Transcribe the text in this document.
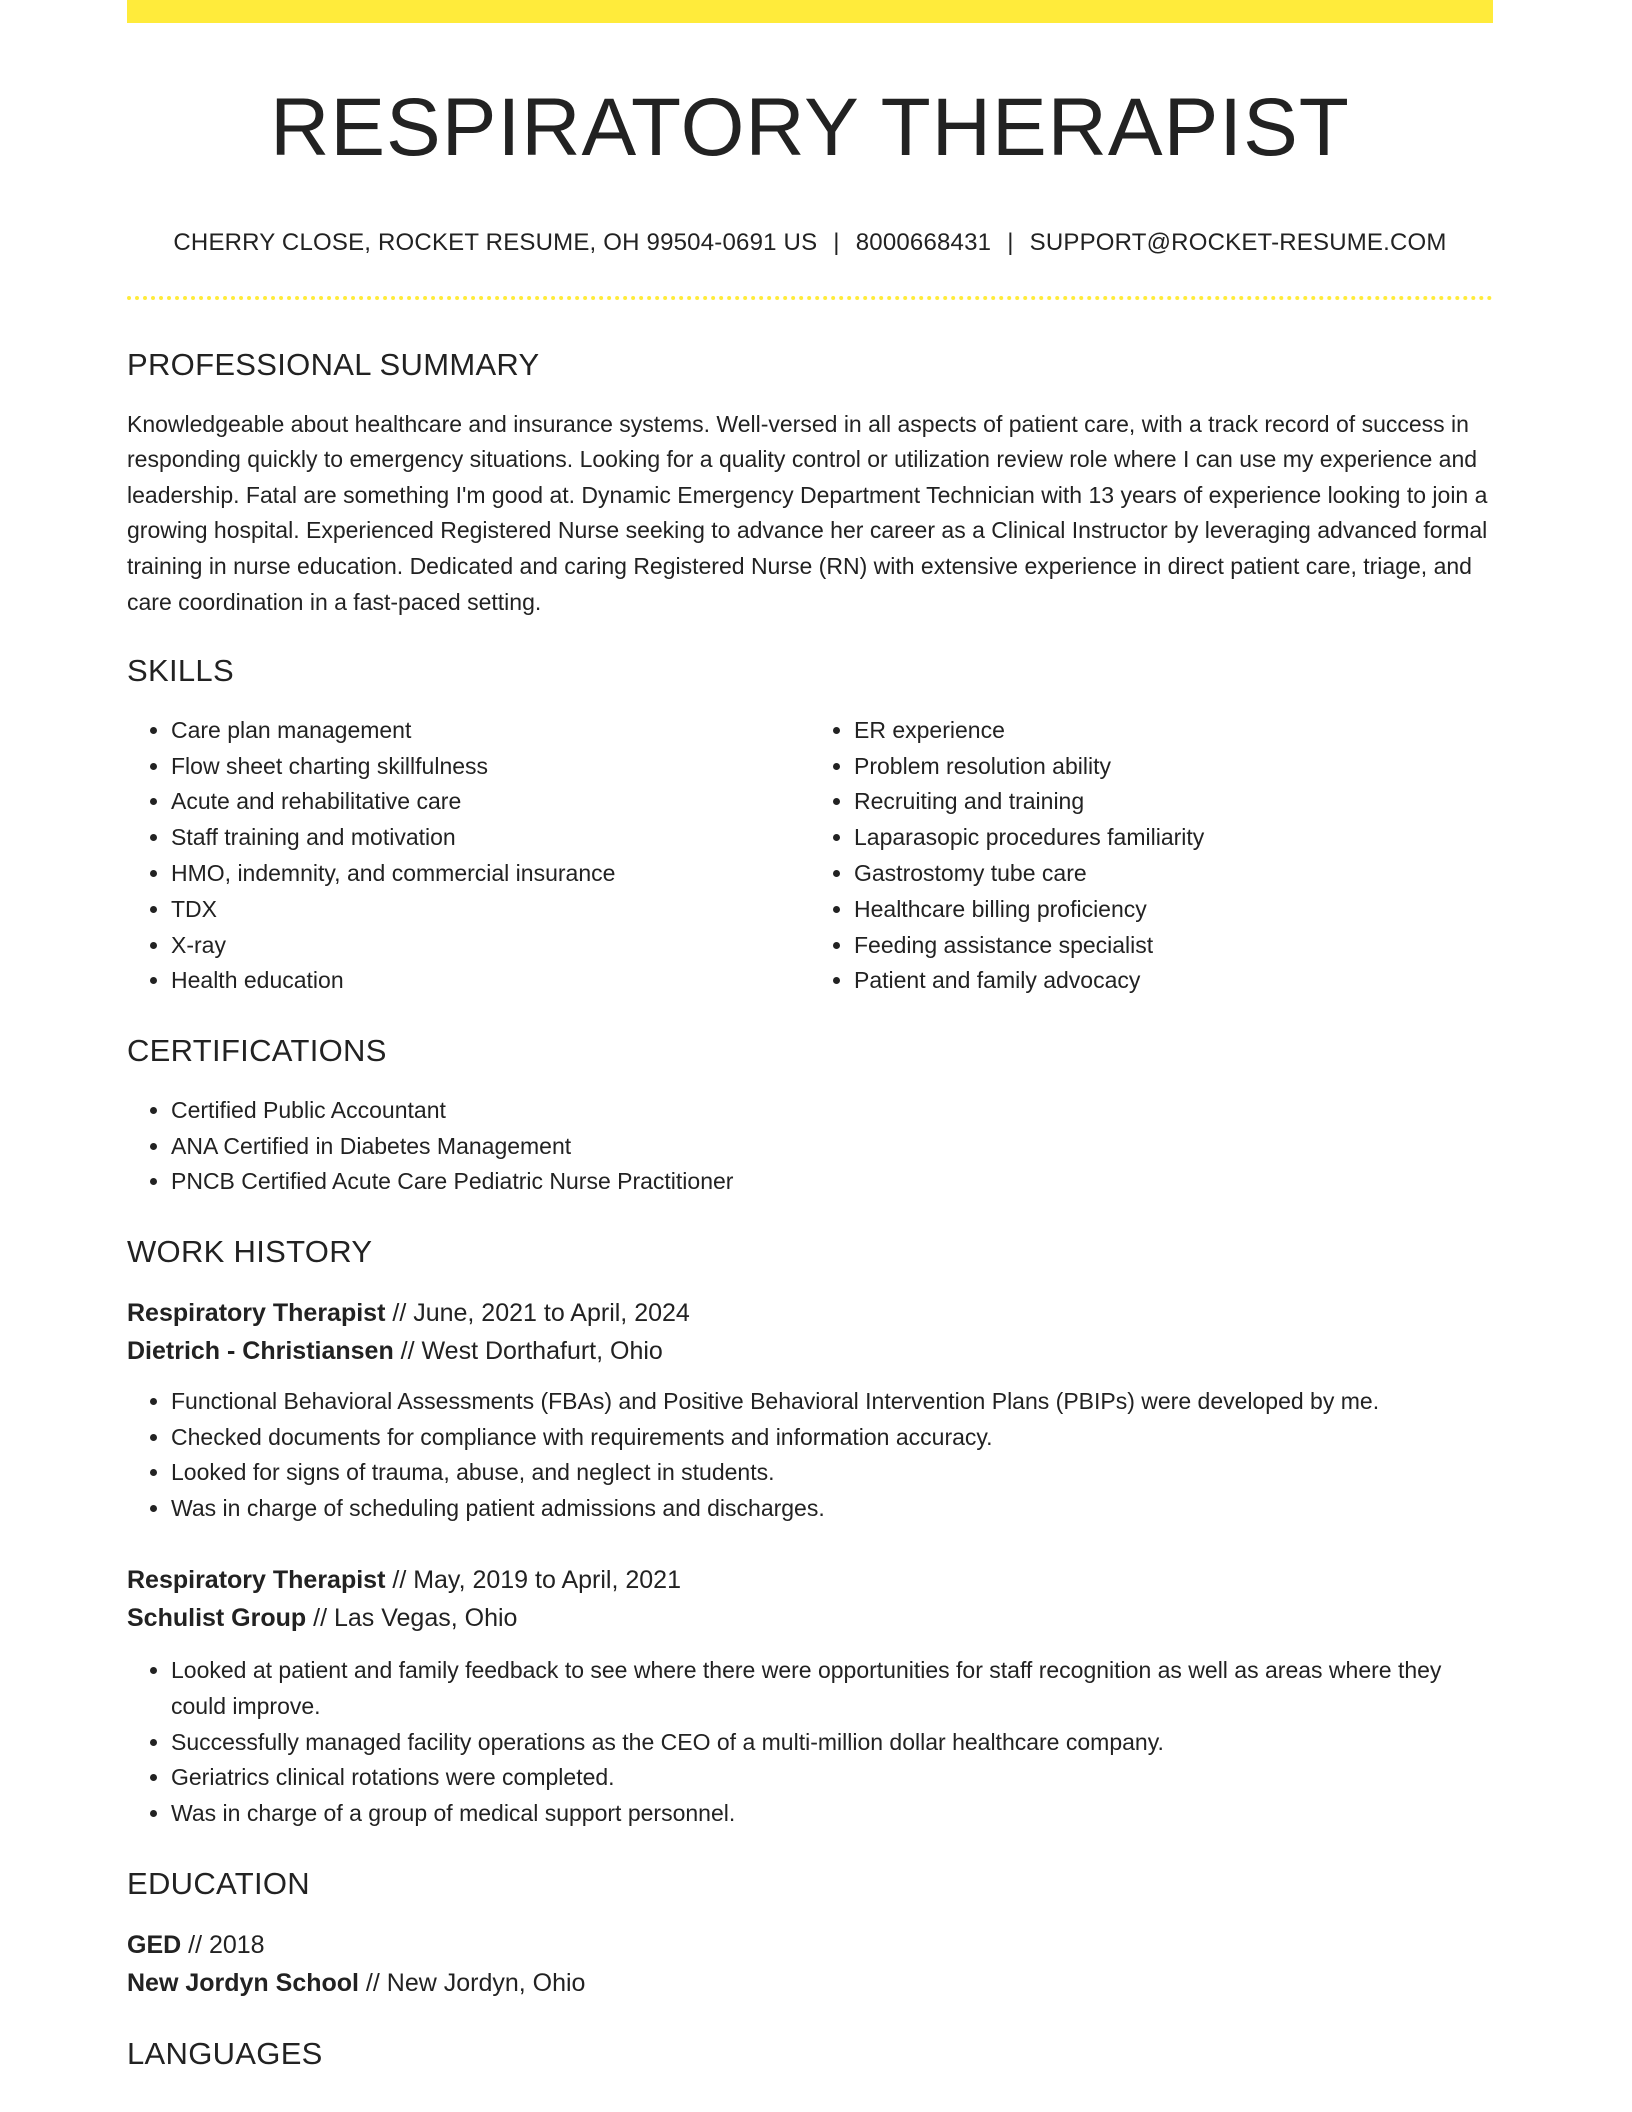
RESPIRATORY THERAPIST
CHERRY CLOSE, ROCKET RESUME, OH 99504-0691 US | 8000668431 | SUPPORT@ROCKET-RESUME.COM
PROFESSIONAL SUMMARY

Knowledgeable about healthcare and insurance systems. Well-versed in all aspects of patient care, with a track record of success in responding quickly to emergency situations. Looking for a quality control or utilization review role where I can use my experience and leadership. Fatal are something I'm good at. Dynamic Emergency Department Technician with 13 years of experience looking to join a growing hospital. Experienced Registered Nurse seeking to advance her career as a Clinical Instructor by leveraging advanced formal training in nurse education. Dedicated and caring Registered Nurse (RN) with extensive experience in direct patient care, triage, and care coordination in a fast-paced setting.

SKILLS
• Care plan management
• Flow sheet charting skillfulness
• Acute and rehabilitative care
• Staff training and motivation
• HMO, indemnity, and commercial insurance
• TDX
• X-ray
• Health education
• ER experience
• Problem resolution ability
• Recruiting and training
• Laparasopic procedures familiarity
• Gastrostomy tube care
• Healthcare billing proficiency
• Feeding assistance specialist
• Patient and family advocacy
CERTIFICATIONS
• Certified Public Accountant
• ANA Certified in Diabetes Management
• PNCB Certified Acute Care Pediatric Nurse Practitioner
WORK HISTORY
Respiratory Therapist // June, 2021 to April, 2024
Dietrich - Christiansen // West Dorthafurt, Ohio
• Functional Behavioral Assessments (FBAs) and Positive Behavioral Intervention Plans (PBIPs) were developed by me.
• Checked documents for compliance with requirements and information accuracy.
• Looked for signs of trauma, abuse, and neglect in students.
• Was in charge of scheduling patient admissions and discharges.
Respiratory Therapist // May, 2019 to April, 2021
Schulist Group // Las Vegas, Ohio
• Looked at patient and family feedback to see where there were opportunities for staff recognition as well as areas where they could improve.
• Successfully managed facility operations as the CEO of a multi-million dollar healthcare company.
• Geriatrics clinical rotations were completed.
• Was in charge of a group of medical support personnel.
EDUCATION
GED // 2018
New Jordyn School // New Jordyn, Ohio
LANGUAGES
